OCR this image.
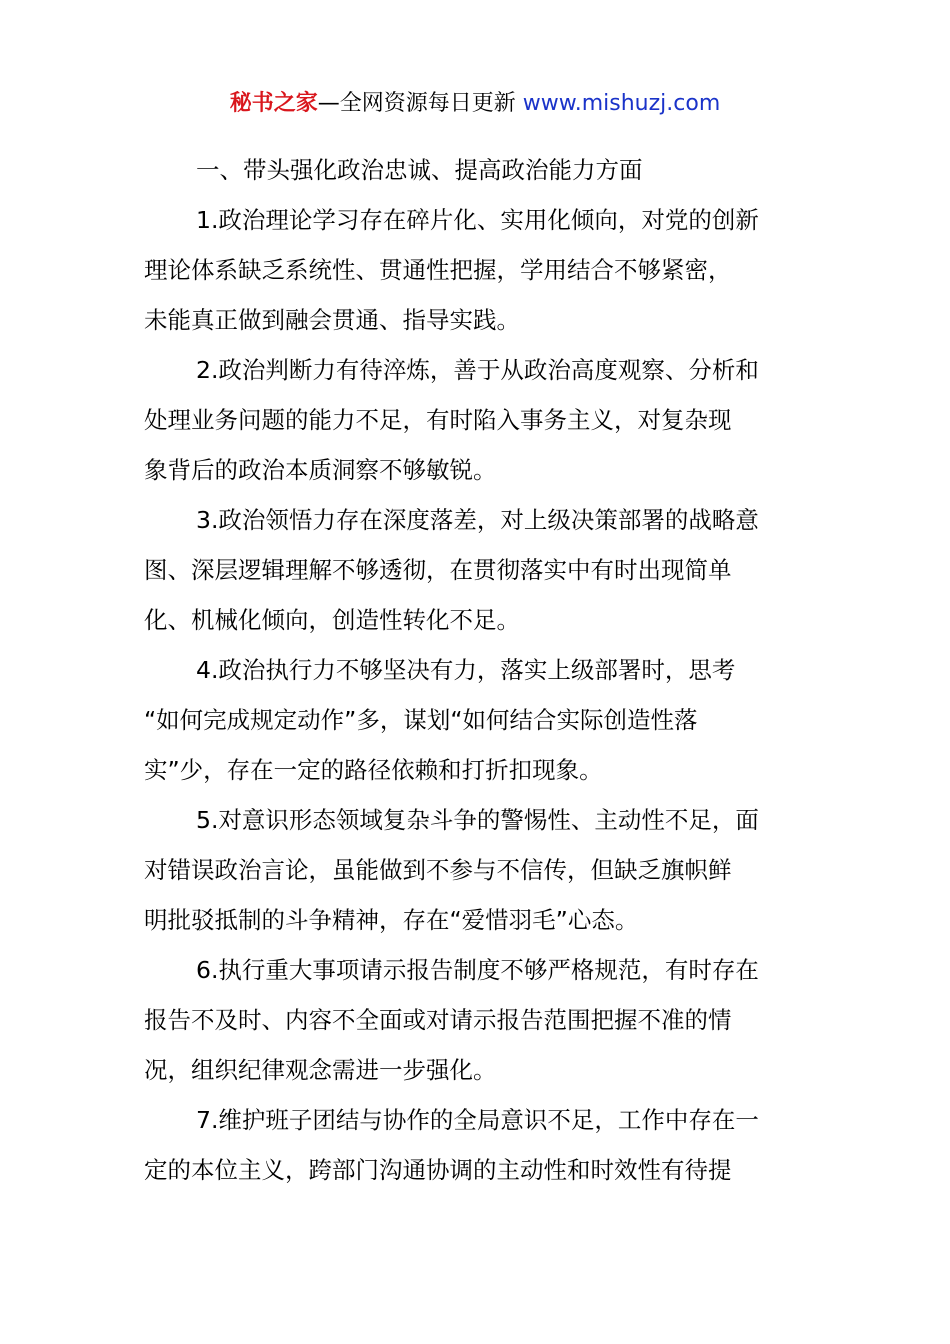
秘书之家—全网资源每日更新 www.mishuzj.com

一、带头强化政治忠诚、提高政治能力方面

1.政治理论学习存在碎片化、实用化倾向，对党的创新
理论体系缺乏系统性、贯通性把握，学用结合不够紧密，
未能真正做到融会贯通、指导实践。

2.政治判断力有待淬炼，善于从政治高度观察、分析和
处理业务问题的能力不足，有时陷入事务主义，对复杂现
象背后的政治本质洞察不够敏锐。

3.政治领悟力存在深度落差，对上级决策部署的战略意
图、深层逻辑理解不够透彻，在贯彻落实中有时出现简单
化、机械化倾向，创造性转化不足。

4.政治执行力不够坚决有力，落实上级部署时，思考
“如何完成规定动作”多，谋划“如何结合实际创造性落
实”少，存在一定的路径依赖和打折扣现象。

5.对意识形态领域复杂斗争的警惕性、主动性不足，面
对错误政治言论，虽能做到不参与不信传，但缺乏旗帜鲜
明批驳抵制的斗争精神，存在“爱惜羽毛”心态。

6.执行重大事项请示报告制度不够严格规范，有时存在
报告不及时、内容不全面或对请示报告范围把握不准的情
况，组织纪律观念需进一步强化。

7.维护班子团结与协作的全局意识不足，工作中存在一
定的本位主义，跨部门沟通协调的主动性和时效性有待提
